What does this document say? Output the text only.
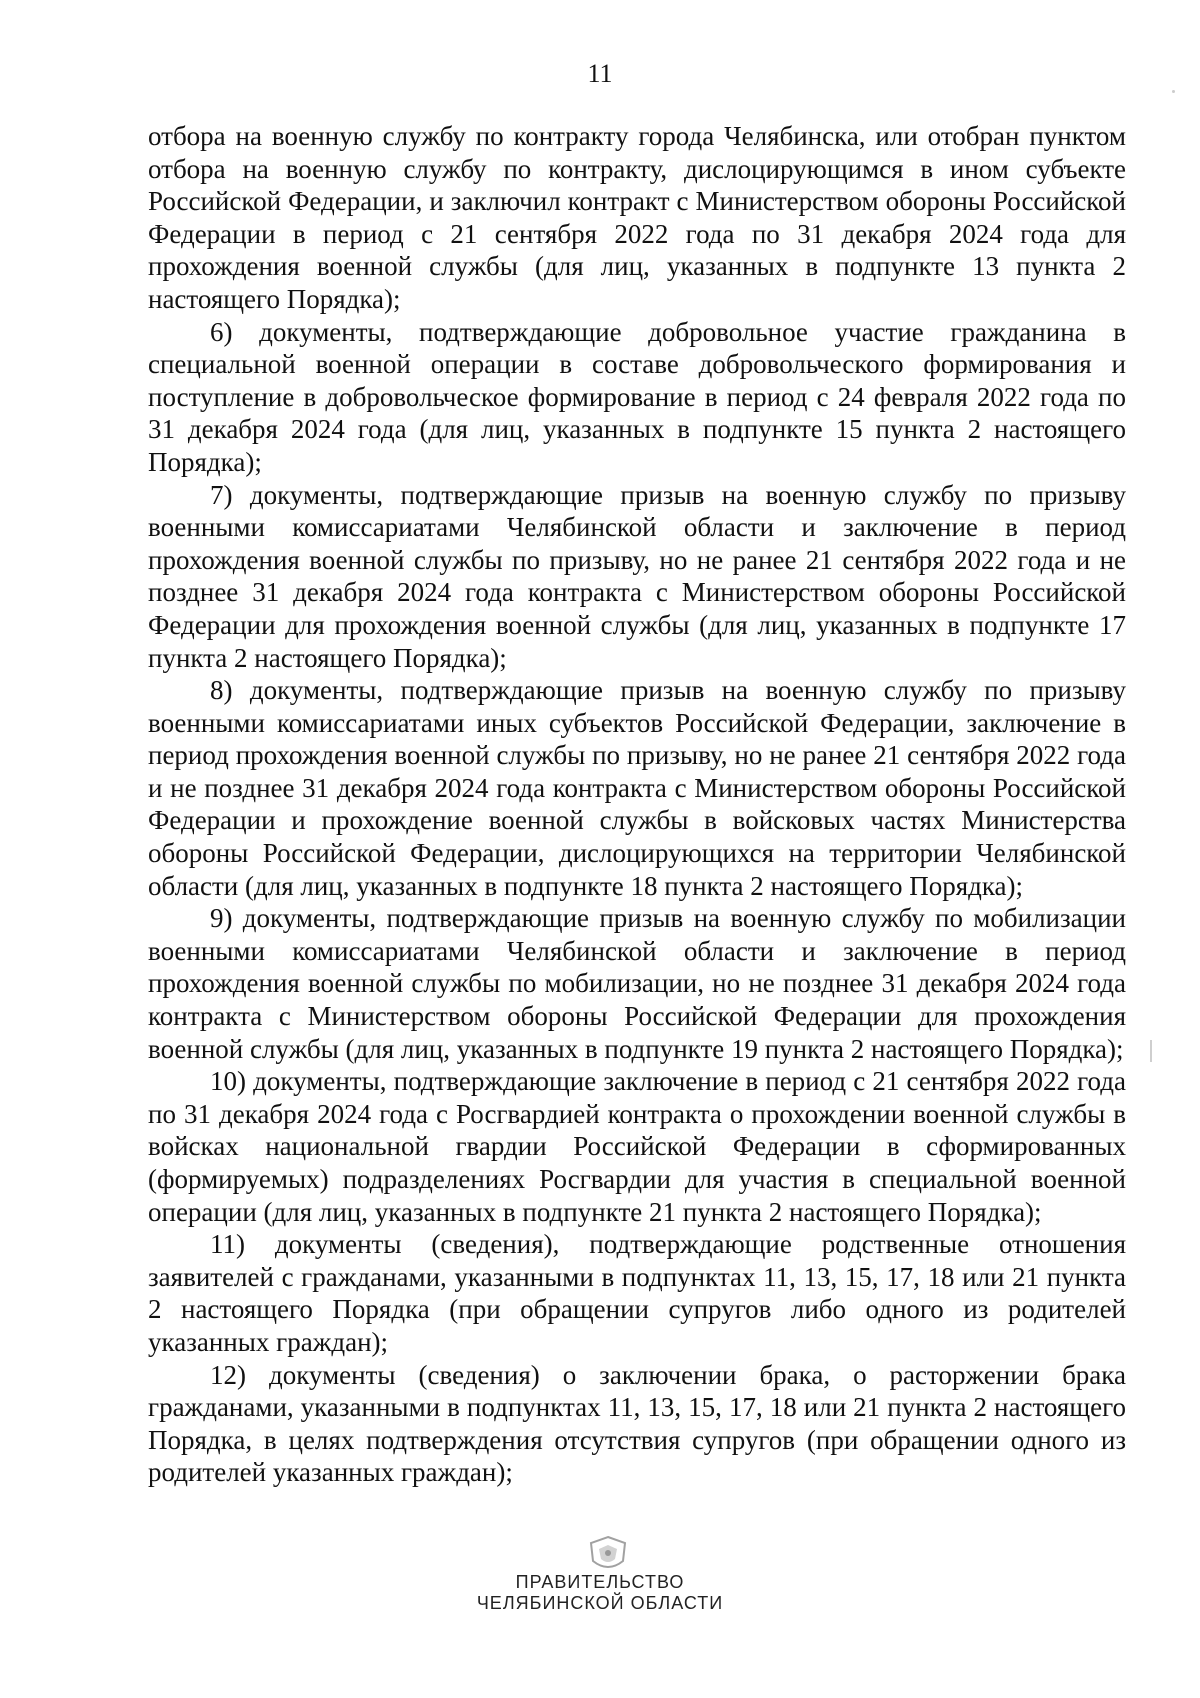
11

отбора на военную службу по контракту города Челябинска, или отобран пунктом отбора на военную службу по контракту, дислоцирующимся в ином субъекте Российской Федерации, и заключил контракт с Министерством обороны Российской Федерации в период с 21 сентября 2022 года по 31 декабря 2024 года для прохождения военной службы (для лиц, указанных в подпункте 13 пункта 2 настоящего Порядка);

6) документы, подтверждающие добровольное участие гражданина в специальной военной операции в составе добровольческого формирования и поступление в добровольческое формирование в период с 24 февраля 2022 года по 31 декабря 2024 года (для лиц, указанных в подпункте 15 пункта 2 настоящего Порядка);

7) документы, подтверждающие призыв на военную службу по призыву военными комиссариатами Челябинской области и заключение в период прохождения военной службы по призыву, но не ранее 21 сентября 2022 года и не позднее 31 декабря 2024 года контракта с Министерством обороны Российской Федерации для прохождения военной службы (для лиц, указанных в подпункте 17 пункта 2 настоящего Порядка);

8) документы, подтверждающие призыв на военную службу по призыву военными комиссариатами иных субъектов Российской Федерации, заключение в период прохождения военной службы по призыву, но не ранее 21 сентября 2022 года и не позднее 31 декабря 2024 года контракта с Министерством обороны Российской Федерации и прохождение военной службы в войсковых частях Министерства обороны Российской Федерации, дислоцирующихся на территории Челябинской области (для лиц, указанных в подпункте 18 пункта 2 настоящего Порядка);

9) документы, подтверждающие призыв на военную службу по мобилизации военными комиссариатами Челябинской области и заключение в период прохождения военной службы по мобилизации, но не позднее 31 декабря 2024 года контракта с Министерством обороны Российской Федерации для прохождения военной службы (для лиц, указанных в подпункте 19 пункта 2 настоящего Порядка);

10) документы, подтверждающие заключение в период с 21 сентября 2022 года по 31 декабря 2024 года с Росгвардией контракта о прохождении военной службы в войсках национальной гвардии Российской Федерации в сформированных (формируемых) подразделениях Росгвардии для участия в специальной военной операции (для лиц, указанных в подпункте 21 пункта 2 настоящего Порядка);

11) документы (сведения), подтверждающие родственные отношения заявителей с гражданами, указанными в подпунктах 11, 13, 15, 17, 18 или 21 пункта 2 настоящего Порядка (при обращении супругов либо одного из родителей указанных граждан);

12) документы (сведения) о заключении брака, о расторжении брака гражданами, указанными в подпунктах 11, 13, 15, 17, 18 или 21 пункта 2 настоящего Порядка, в целях подтверждения отсутствия супругов (при обращении одного из родителей указанных граждан);

ПРАВИТЕЛЬСТВО
ЧЕЛЯБИНСКОЙ ОБЛАСТИ
